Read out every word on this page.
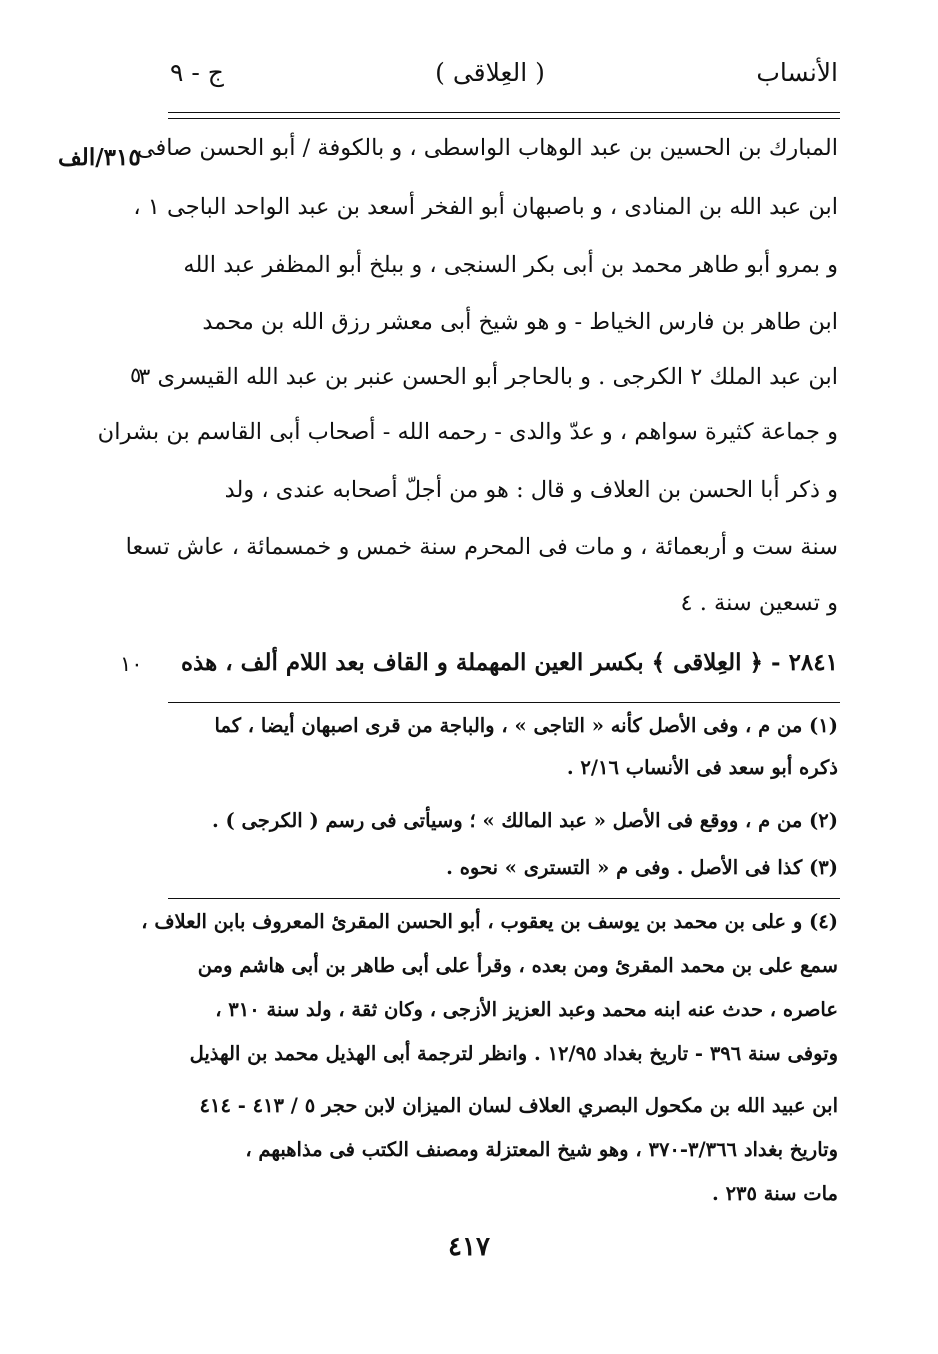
الأنساب
( العِلاقى )
ج - ٩
٣١٥/الف
٥
١٠
المبارك بن الحسين بن عبد الوهاب الواسطى ، و بالكوفة / أبو الحسن صافى
ابن عبد الله بن المنادى ، و باصبهان أبو الفخر أسعد بن عبد الواحد الباجى ١ ،
و بمرو أبو طاهر محمد بن أبى بكر السنجى ، و ببلخ أبو المظفر عبد الله
ابن طاهر بن فارس الخياط - و هو شيخ أبى معشر رزق الله بن محمد
ابن عبد الملك ٢ الكرجى . و بالحاجر أبو الحسن عنبر بن عبد الله القيسرى ٣
و جماعة كثيرة سواهم ، و عدّ والدى - رحمه الله - أصحاب أبى القاسم بن بشران
و ذكر أبا الحسن بن العلاف و قال : هو من أجلّ أصحابه عندى ، ولد
سنة ست و أربعمائة ، و مات فى المحرم سنة خمس و خمسمائة ، عاش تسعا
و تسعين سنة . ٤
٢٨٤١ - ﴿ العِلاقى ﴾ بكسر العين المهملة و القاف بعد اللام ألف ، هذه
(١) من م ، وفى الأصل كأنه « التاجى » ، والباجة من قرى اصبهان أيضا ، كما
ذكره أبو سعد فى الأنساب ٢/١٦ .
(٢) من م ، ووقع فى الأصل « عبد المالك » ؛ وسيأتى فى رسم ( الكرجى ) .
(٣) كذا فى الأصل . وفى م « التسترى » نحوه .
(٤) و على بن محمد بن يوسف بن يعقوب ، أبو الحسن المقرئ المعروف بابن العلاف ،
سمع على بن محمد المقرئ ومن بعده ، وقرأ على أبى طاهر بن أبى هاشم ومن
عاصره ، حدث عنه ابنه محمد وعبد العزيز الأزجى ، وكان ثقة ، ولد سنة ٣١٠ ،
وتوفى سنة ٣٩٦ - تاريخ بغداد ١٢/٩٥ . وانظر لترجمة أبى الهذيل محمد بن الهذيل
ابن عبيد الله بن مكحول البصري العلاف لسان الميزان لابن حجر ٥ / ٤١٣ - ٤١٤
وتاريخ بغداد ٣/٣٦٦-٣٧٠ ، وهو شيخ المعتزلة ومصنف الكتب فى مذاهبهم ،
مات سنة ٢٣٥ .
٤١٧
